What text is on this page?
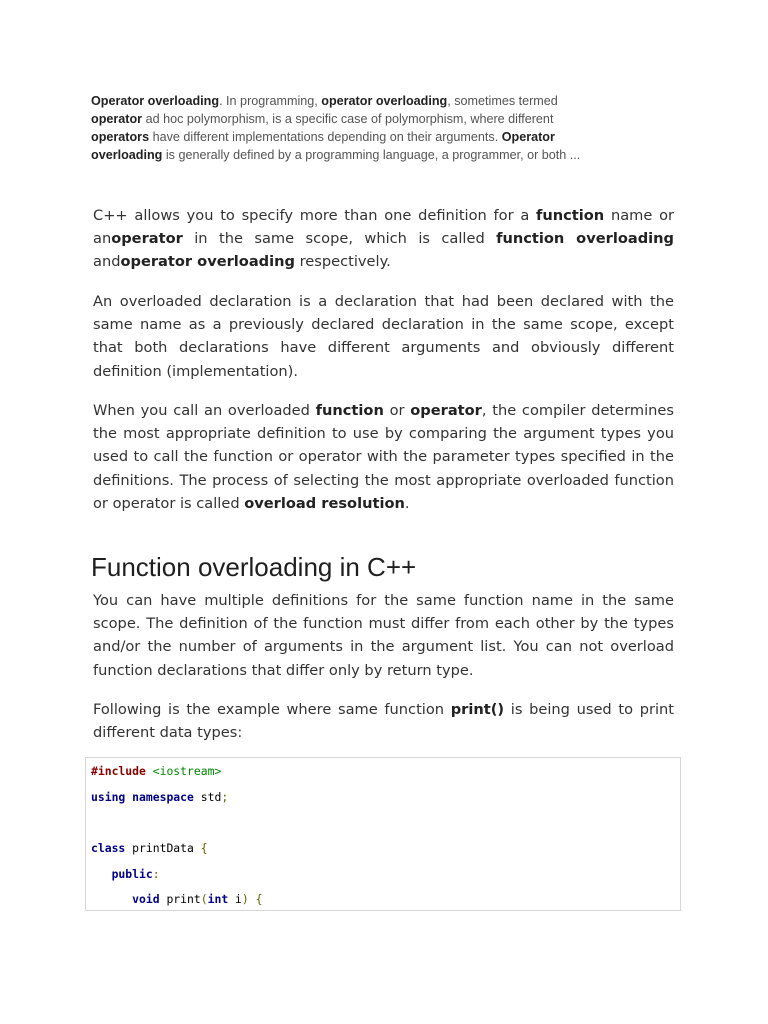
Operator overloading. In programming, operator overloading, sometimes termed
operator ad hoc polymorphism, is a specific case of polymorphism, where different
operators have different implementations depending on their arguments. Operator
overloading is generally defined by a programming language, a programmer, or both ...

C++ allows you to specify more than one definition for a function name or anoperator in the same scope, which is called function overloading andoperator overloading respectively.

An overloaded declaration is a declaration that had been declared with the same name as a previously declared declaration in the same scope, except that both declarations have different arguments and obviously different definition (implementation).

When you call an overloaded function or operator, the compiler determines the most appropriate definition to use by comparing the argument types you used to call the function or operator with the parameter types specified in the definitions. The process of selecting the most appropriate overloaded function or operator is called overload resolution.

Function overloading in C++

You can have multiple definitions for the same function name in the same scope. The definition of the function must differ from each other by the types and/or the number of arguments in the argument list. You can not overload function declarations that differ only by return type.

Following is the example where same function print() is being used to print different data types:

#include <iostream>
using namespace std;
class printData {
public:
void print(int i) {
